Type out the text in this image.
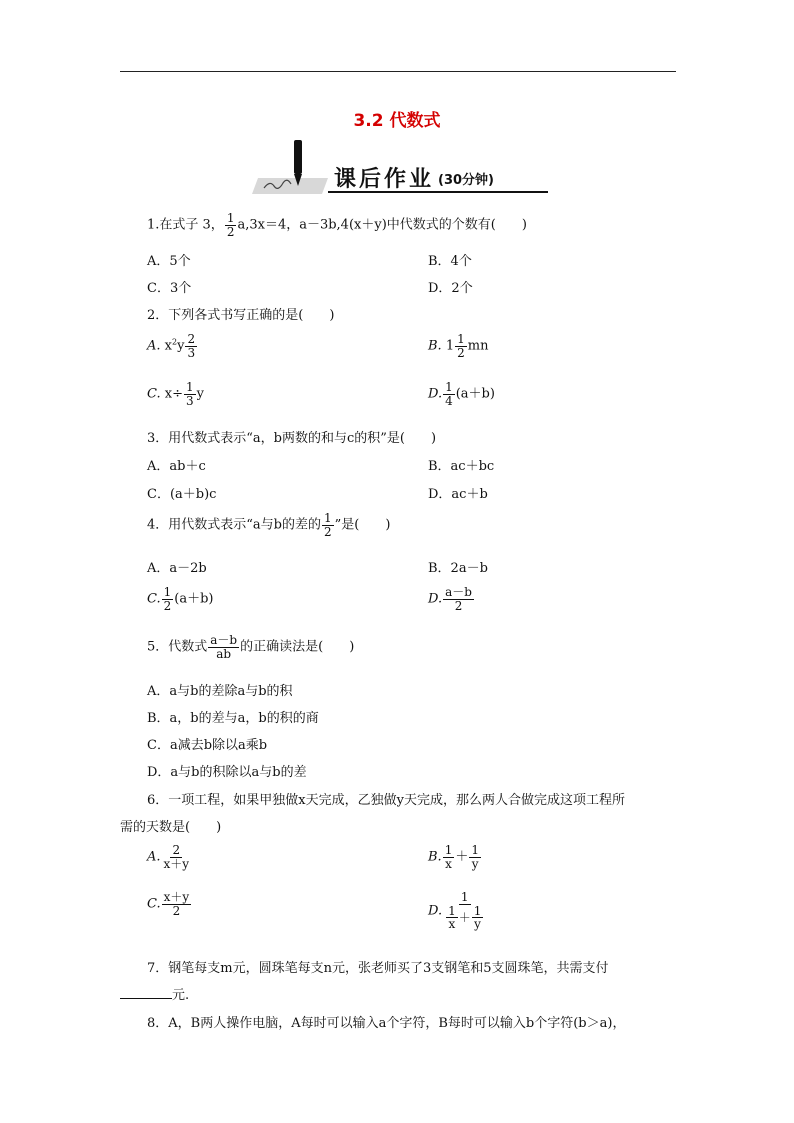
3.2 代数式
课后作业 (30分钟)
1.在式子 3， $\frac{1}{2} a,3x=4$，a－3b,4(x＋y)中代数式的个数有(　　)
A．5个	B．4个
C．3个	D．2个
2．下列各式书写正确的是(　　)
A. $x^2y \frac{2}{3}$	B. $1 \frac{1}{2}$ mn
C. $x\div \frac{1}{3}$ y	D. $\frac{1}{4} (a+b)$
3．用代数式表示“a，b两数的和与c的积”是(　　)
A．ab＋c	B．ac＋bc
C．(a＋b)c	D．ac＋b
4．用代数式表示“a与b的差的 $\frac{1}{2}$ ”是(　　)
A．a－2b	B．2a－b
C. $\frac{1}{2} (a+b)$	D. $\frac{a-b}{2}$
5．代数式 $\frac{a-b}{ab}$ 的正确读法是(　　)
A．a与b的差除a与b的积
B．a，b的差与a，b的积的商
C．a减去b除以a乘b
D．a与b的积除以a与b的差
6．一项工程，如果甲独做x天完成，乙独做y天完成，那么两人合做完成这项工程所
需的天数是(　　)
A. $\frac{2}{x+y}$	B. $\frac{1}{x} + \frac{1}{y}$
C. $\frac{x+y}{2}$	D. $\frac{1}{\frac{1}{x} + \frac{1}{y}}$
7．钢笔每支m元，圆珠笔每支n元，张老师买了3支钢笔和5支圆珠笔，共需支付
元.
8．A，B两人操作电脑，A每时可以输入a个字符，B每时可以输入b个字符(b＞a)，
